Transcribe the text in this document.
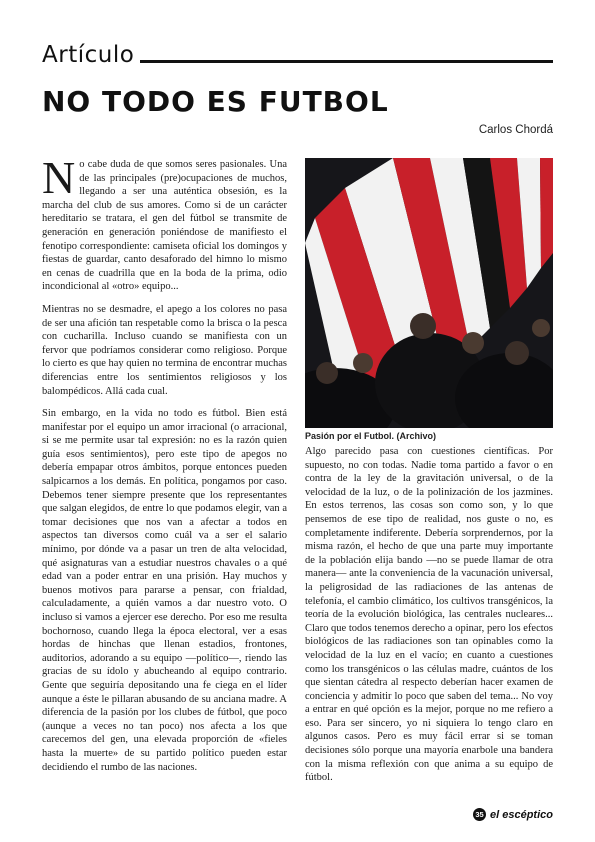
Artículo
NO TODO ES FUTBOL
Carlos Chordá

No cabe duda de que somos seres pasionales. Una de las principales (pre)ocupaciones de muchos, llegando a ser una auténtica obsesión, es la marcha del club de sus amores. Como si de un carácter hereditario se tratara, el gen del fútbol se transmite de generación en generación poniéndose de manifiesto el fenotipo correspondiente: camiseta oficial los domingos y fiestas de guardar, canto desaforado del himno lo mismo en cenas de cuadrilla que en la boda de la prima, odio incondicional al «otro» equipo...

Mientras no se desmadre, el apego a los colores no pasa de ser una afición tan respetable como la brisca o la pesca con cucharilla. Incluso cuando se manifiesta con un fervor que podríamos considerar como religioso. Porque lo cierto es que hay quien no termina de encontrar muchas diferencias entre los sentimientos religiosos y los balompédicos. Allá cada cual.

Sin embargo, en la vida no todo es fútbol. Bien está manifestar por el equipo un amor irracional (o arracional, si se me permite usar tal expresión: no es la razón quien guía esos sentimientos), pero este tipo de apegos no debería empapar otros ámbitos, porque entonces pueden salpicarnos a los demás. En política, pongamos por caso. Debemos tener siempre presente que los representantes que salgan elegidos, de entre lo que podamos elegir, van a tomar decisiones que nos van a afectar a todos en aspectos tan diversos como cuál va a ser el salario mínimo, por dónde va a pasar un tren de alta velocidad, qué asignaturas van a estudiar nuestros chavales o a qué edad van a poder entrar en una prisión. Hay muchos y buenos motivos para pararse a pensar, con frialdad, calculadamente, a quién vamos a dar nuestro voto. O incluso si vamos a ejercer ese derecho. Por eso me resulta bochornoso, cuando llega la época electoral, ver a esas hordas de hinchas que llenan estadios, frontones, auditorios, adorando a su equipo —político—, riendo las gracias de su ídolo y abucheando al equipo contrario. Gente que seguiría depositando una fe ciega en el líder aunque a éste le pillaran abusando de su anciana madre. A diferencia de la pasión por los clubes de fútbol, que poco (aunque a veces no tan poco) nos afecta a los que carecemos del gen, una elevada proporción de «fieles hasta la muerte» de su partido político pueden estar decidiendo el rumbo de las naciones.

Pasión por el Futbol. (Archivo)

Algo parecido pasa con cuestiones científicas. Por supuesto, no con todas. Nadie toma partido a favor o en contra de la ley de la gravitación universal, o de la velocidad de la luz, o de la polinización de los jazmines. En estos terrenos, las cosas son como son, y lo que pensemos de ese tipo de realidad, nos guste o no, es completamente indiferente. Debería sorprendernos, por la misma razón, el hecho de que una parte muy importante de la población elija bando —no se puede llamar de otra manera— ante la conveniencia de la vacunación universal, la peligrosidad de las radiaciones de las antenas de telefonía, el cambio climático, los cultivos transgénicos, la teoría de la evolución biológica, las centrales nucleares... Claro que todos tenemos derecho a opinar, pero los efectos biológicos de las radiaciones son tan opinables como la velocidad de la luz en el vacío; en cuanto a cuestiones como los transgénicos o las células madre, cuántos de los que sientan cátedra al respecto deberían hacer examen de conciencia y admitir lo poco que saben del tema... No voy a entrar en qué opción es la mejor, porque no me refiero a eso. Para ser sincero, yo ni siquiera lo tengo claro en algunos casos. Pero es muy fácil errar si se toman decisiones sólo porque una mayoría enarbole una bandera con la misma reflexión con que anima a su equipo de fútbol.

35 el escéptico
